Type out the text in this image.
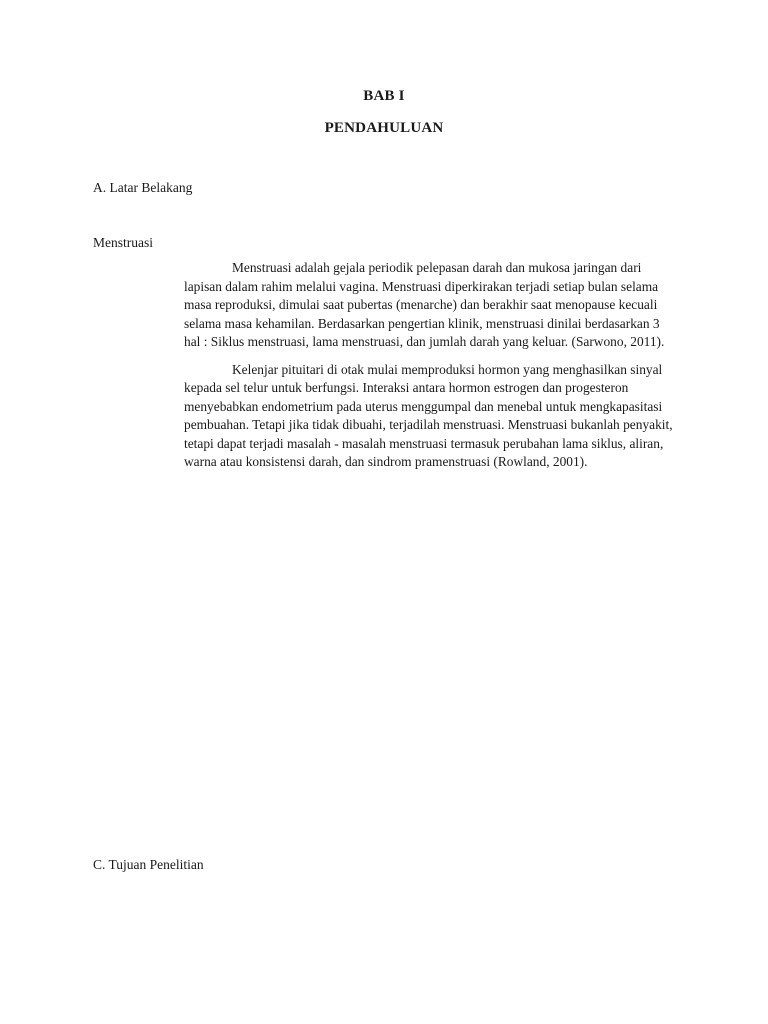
BAB I
PENDAHULUAN
A. Latar Belakang
Menstruasi

Menstruasi adalah gejala periodik pelepasan darah dan mukosa jaringan dari lapisan dalam rahim melalui vagina. Menstruasi diperkirakan terjadi setiap bulan selama masa reproduksi, dimulai saat pubertas (menarche) dan berakhir saat menopause kecuali selama masa kehamilan. Berdasarkan pengertian klinik, menstruasi dinilai berdasarkan 3 hal : Siklus menstruasi, lama menstruasi, dan jumlah darah yang keluar. (Sarwono, 2011).

Kelenjar pituitari di otak mulai memproduksi hormon yang menghasilkan sinyal kepada sel telur untuk berfungsi. Interaksi antara hormon estrogen dan progesteron menyebabkan endometrium pada uterus menggumpal dan menebal untuk mengkapasitasi pembuahan. Tetapi jika tidak dibuahi, terjadilah menstruasi. Menstruasi bukanlah penyakit, tetapi dapat terjadi masalah - masalah menstruasi termasuk perubahan lama siklus, aliran, warna atau konsistensi darah, dan sindrom pramenstruasi (Rowland, 2001).

C. Tujuan Penelitian
